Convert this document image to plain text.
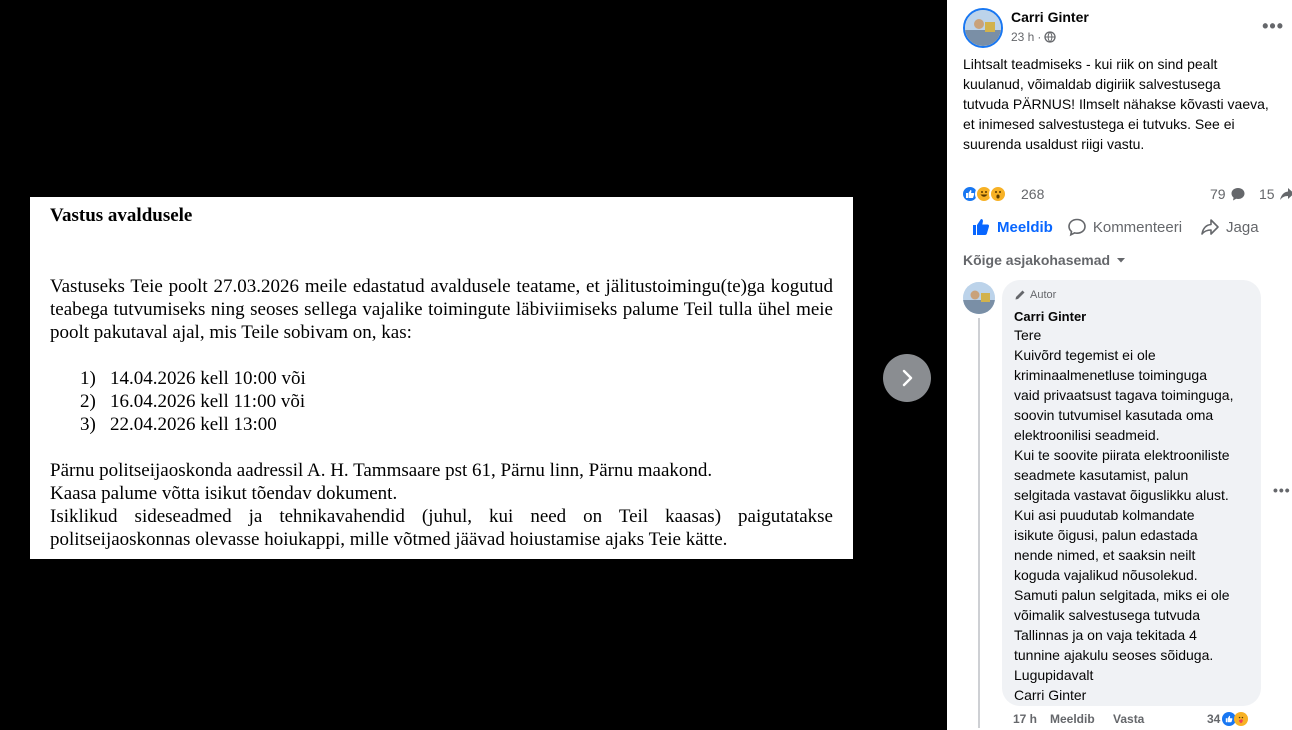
Vastus avaldusele

Vastuseks Teie poolt 27.03.2026 meile edastatud avaldusele teatame, et jälitustoimingu(te)ga kogutud teabega tutvumiseks ning seoses sellega vajalike toimingute läbiviimiseks palume Teil tulla ühel meie poolt pakutaval ajal, mis Teile sobivam on, kas:

1) 14.04.2026 kell 10:00 või
2) 16.04.2026 kell 11:00 või
3) 22.04.2026 kell 13:00

Pärnu politseijaoskonda aadressil A. H. Tammsaare pst 61, Pärnu linn, Pärnu maakond.

Kaasa palume võtta isikut tõendav dokument.

Isiklikud sideseadmed ja tehnikavahendid (juhul, kui need on Teil kaasas) paigutatakse politseijaoskonnas olevasse hoiukappi, mille võtmed jäävad hoiustamise ajaks Teie kätte.

Carri Ginter
23 h ·
•••
Lihtsalt teadmiseks - kui riik on sind pealt
kuulanud, võimaldab digiriik salvestusega
tutvuda PÄRNUS! Ilmselt nähakse kõvasti vaeva,
et inimesed salvestustega ei tutvuks. See ei
suurenda usaldust riigi vastu.
268	79 15
Meeldib	Kommenteeri	Jaga
Kõige asjakohasemad
Autor
Carri Ginter
Tere
Kuivõrd tegemist ei ole
kriminaalmenetluse toiminguga
vaid privaatsust tagava toiminguga,
soovin tutvumisel kasutada oma
elektroonilisi seadmeid.
Kui te soovite piirata elektrooniliste
seadmete kasutamist, palun
selgitada vastavat õiguslikku alust.
Kui asi puudutab kolmandate
isikute õigusi, palun edastada
nende nimed, et saaksin neilt
koguda vajalikud nõusolekud.
Samuti palun selgitada, miks ei ole
võimalik salvestusega tutvuda
Tallinnas ja on vaja tekitada 4
tunnine ajakulu seoses sõiduga.
Lugupidavalt
Carri Ginter
•••
17 h Meeldib Vasta	34
